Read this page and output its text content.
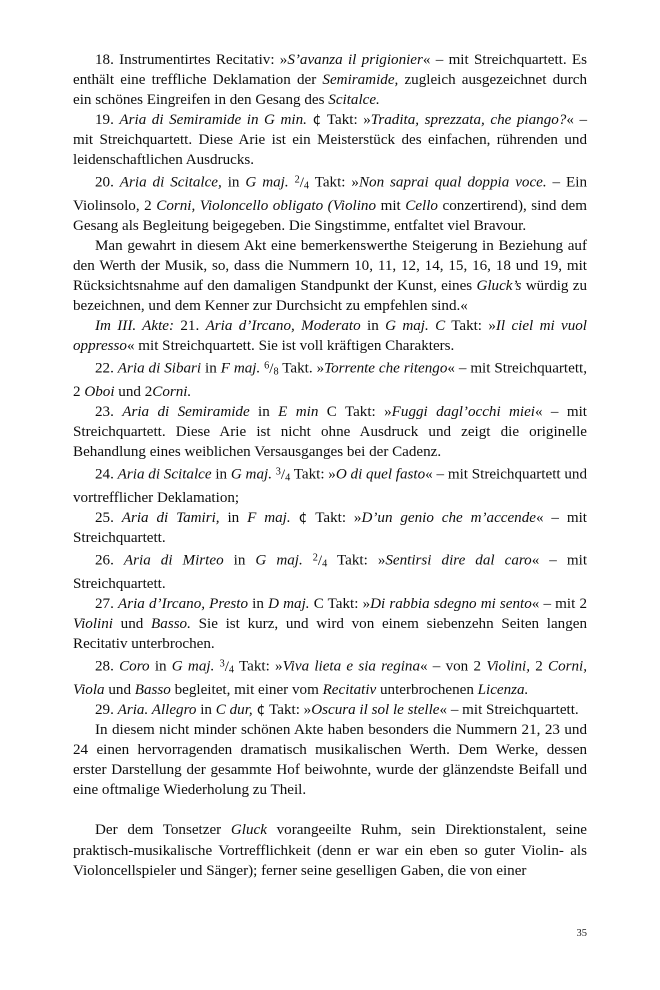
18. Instrumentirtes Recitativ: »S’avanza il prigionier« – mit Streichquartett. Es enthält eine treffliche Deklamation der Semiramide, zugleich ausgezeichnet durch ein schönes Eingreifen in den Gesang des Scitalce.

19. Aria di Semiramide in G min. ¢ Takt: »Tradita, sprezzata, che piango?« – mit Streichquartett. Diese Arie ist ein Meisterstück des einfachen, rührenden und leidenschaftlichen Ausdrucks.

20. Aria di Scitalce, in G maj. $^2$/4 Takt: »Non saprai qual doppia voce. – Ein Violinsolo, 2 Corni, Violoncello obligato (Violino mit Cello conzertirend), sind dem Gesang als Begleitung beigegeben. Die Singstimme, entfaltet viel Bravour.

Man gewahrt in diesem Akt eine bemerkenswerthe Steigerung in Beziehung auf den Werth der Musik, so, dass die Nummern 10, 11, 12, 14, 15, 16, 18 und 19, mit Rücksichtsnahme auf den damaligen Standpunkt der Kunst, eines Gluck’s würdig zu bezeichnen, und dem Kenner zur Durchsicht zu empfehlen sind.«

Im III. Akte: 21. Aria d’Ircano, Moderato in G maj. C Takt: »Il ciel mi vuol oppresso« mit Streichquartett. Sie ist voll kräftigen Charakters.

22. Aria di Sibari in F maj. $^6$/8 Takt. »Torrente che ritengo« – mit Streichquartett, 2 Oboi und 2Corni.

23. Aria di Semiramide in E min C Takt: »Fuggi dagl’occhi miei« – mit Streichquartett. Diese Arie ist nicht ohne Ausdruck und zeigt die originelle Behandlung eines weiblichen Versausganges bei der Cadenz.

24. Aria di Scitalce in G maj. $^3$/4 Takt: »O di quel fasto« – mit Streichquartett und vortrefflicher Deklamation;

25. Aria di Tamiri, in F maj. ¢ Takt: »D’un genio che m’accende« – mit Streichquartett.

26. Aria di Mirteo in G maj. $^2$/4 Takt: »Sentirsi dire dal caro« – mit Streichquartett.

27. Aria d’Ircano, Presto in D maj. C Takt: »Di rabbia sdegno mi sento« – mit 2 Violini und Basso. Sie ist kurz, und wird von einem siebenzehn Seiten langen Recitativ unterbrochen.

28. Coro in G maj. $^3$/4 Takt: »Viva lieta e sia regina« – von 2 Violini, 2 Corni, Viola und Basso begleitet, mit einer vom Recitativ unterbrochenen Licenza.

29. Aria. Allegro in C dur, ¢ Takt: »Oscura il sol le stelle« – mit Streichquartett.

In diesem nicht minder schönen Akte haben besonders die Nummern 21, 23 und 24 einen hervorragenden dramatisch musikalischen Werth. Dem Werke, dessen erster Darstellung der gesammte Hof beiwohnte, wurde der glänzendste Beifall und eine oftmalige Wiederholung zu Theil.

Der dem Tonsetzer Gluck vorangeeilte Ruhm, sein Direktionstalent, seine praktisch-musikalische Vortrefflichkeit (denn er war ein eben so guter Violin- als Violoncellspieler und Sänger); ferner seine geselligen Gaben, die von einer

35
